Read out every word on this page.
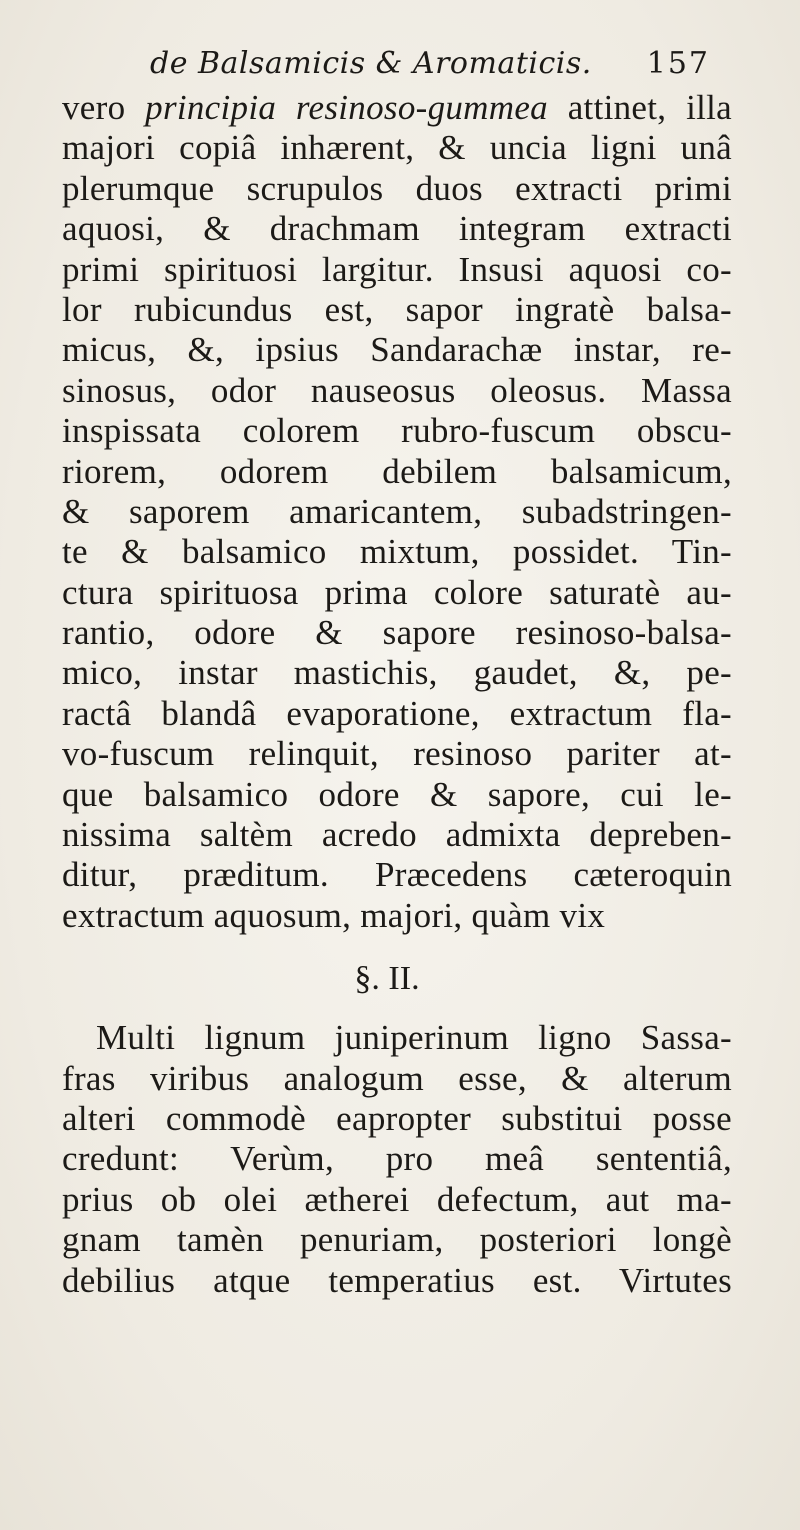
de Balsamicis & Aromaticis. 157
vero principia resinoso-gummea attinet, illa
majori copiâ inhærent, & uncia ligni unâ
plerumque scrupulos duos extracti primi
aquosi, & drachmam integram extracti
primi spirituosi largitur. Insusi aquosi co-
lor rubicundus est, sapor ingratè balsa-
micus, &, ipsius Sandarachæ instar, re-
sinosus, odor nauseosus oleosus. Massa
inspissata colorem rubro-fuscum obscu-
riorem, odorem debilem balsamicum,
& saporem amaricantem, subadstringen-
te & balsamico mixtum, possidet. Tin-
ctura spirituosa prima colore saturatè au-
rantio, odore & sapore resinoso-balsa-
mico, instar mastichis, gaudet, &, pe-
ractâ blandâ evaporatione, extractum fla-
vo-fuscum relinquit, resinoso pariter at-
que balsamico odore & sapore, cui le-
nissima saltèm acredo admixta depreben-
ditur, præditum. Præcedens cæteroquin
extractum aquosum, majori, quàm vix
§. II.
Multi lignum juniperinum ligno Sassa-
fras viribus analogum esse, & alterum
alteri commodè eapropter substitui posse
credunt: Verùm, pro meâ sententiâ,
prius ob olei ætherei defectum, aut ma-
gnam tamèn penuriam, posteriori longè
debilius atque temperatius est. Virtutes
